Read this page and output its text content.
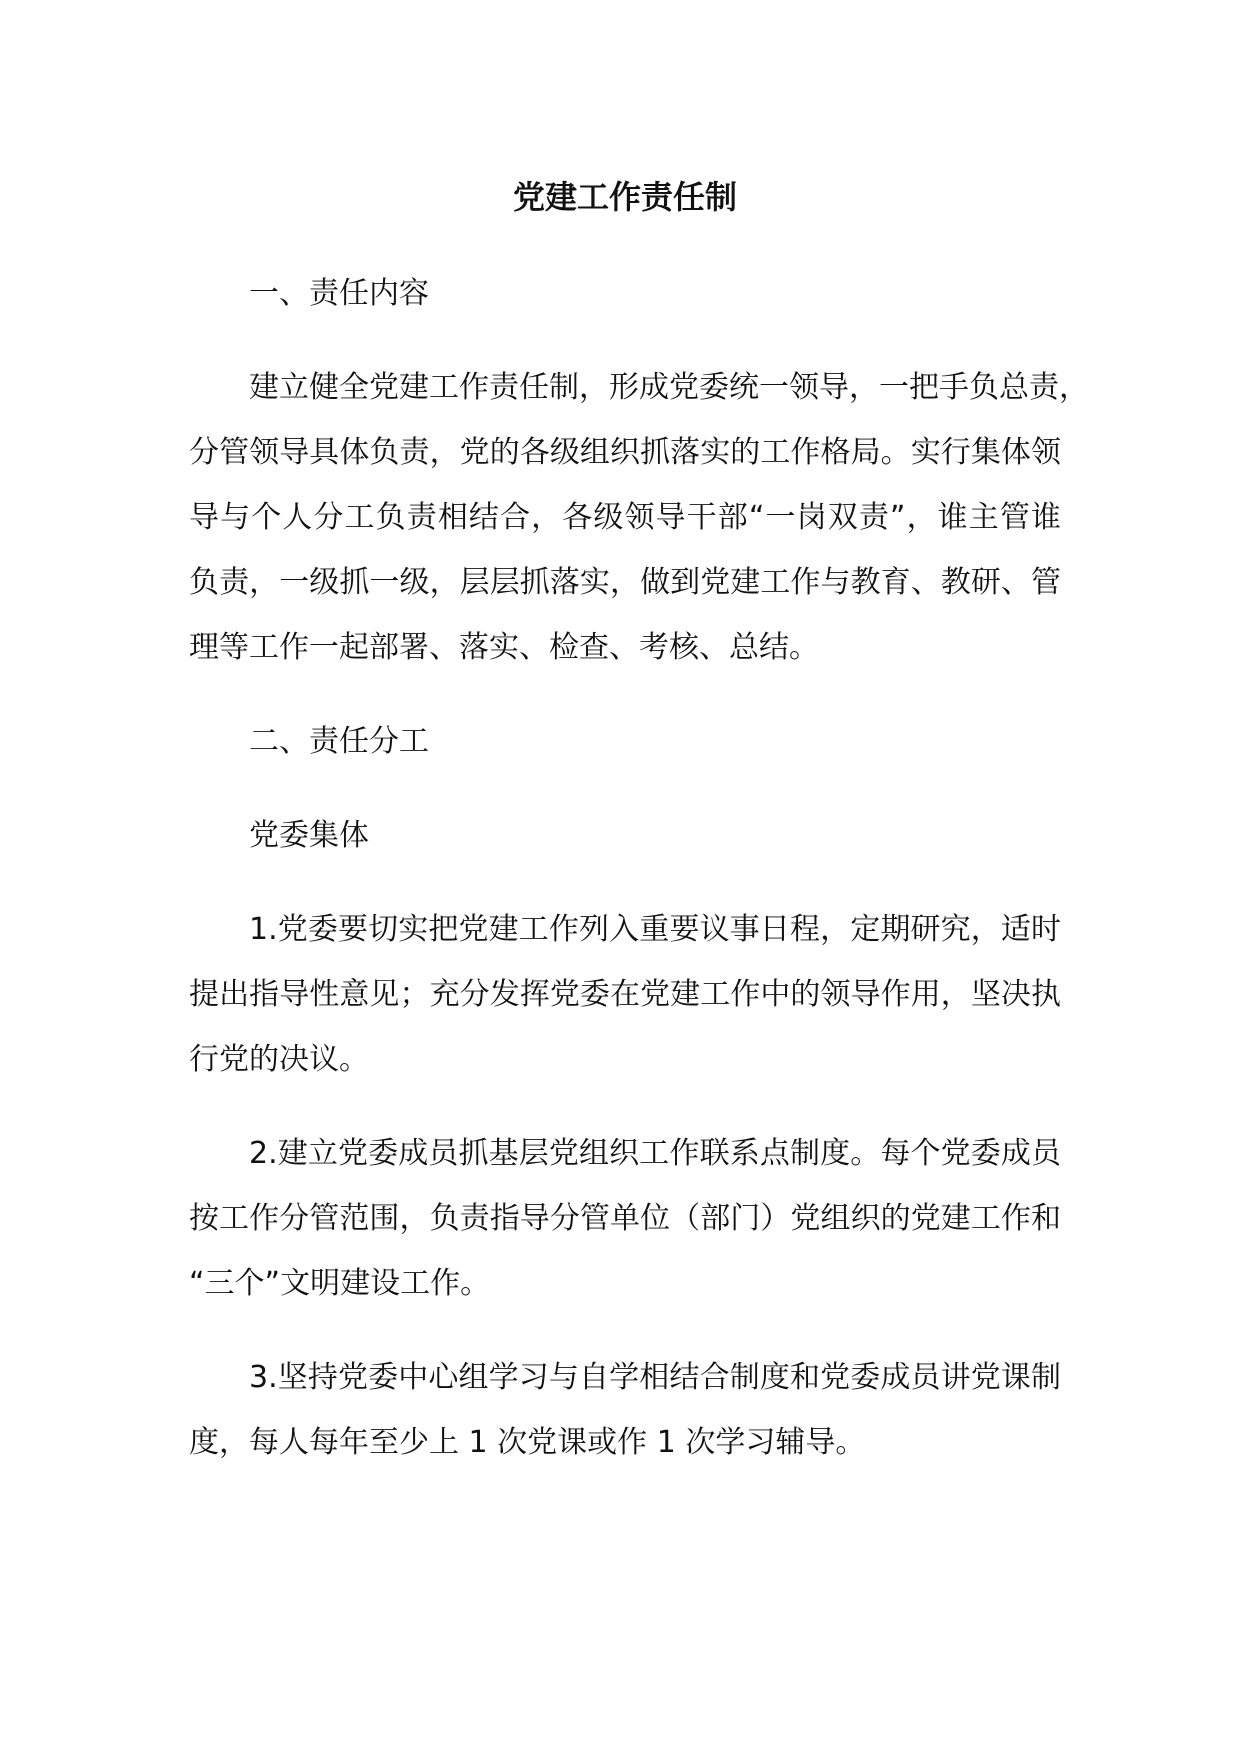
党建工作责任制
一、责任内容
建立健全党建工作责任制，形成党委统一领导，一把手负总责，
分管领导具体负责，党的各级组织抓落实的工作格局。实行集体领
导与个人分工负责相结合，各级领导干部“一岗双责”，谁主管谁
负责，一级抓一级，层层抓落实，做到党建工作与教育、教研、管
理等工作一起部署、落实、检查、考核、总结。
二、责任分工
党委集体
1.党委要切实把党建工作列入重要议事日程，定期研究，适时
提出指导性意见；充分发挥党委在党建工作中的领导作用，坚决执
行党的决议。
2.建立党委成员抓基层党组织工作联系点制度。每个党委成员
按工作分管范围，负责指导分管单位（部门）党组织的党建工作和
“三个”文明建设工作。
3.坚持党委中心组学习与自学相结合制度和党委成员讲党课制
度，每人每年至少上 1 次党课或作 1 次学习辅导。
